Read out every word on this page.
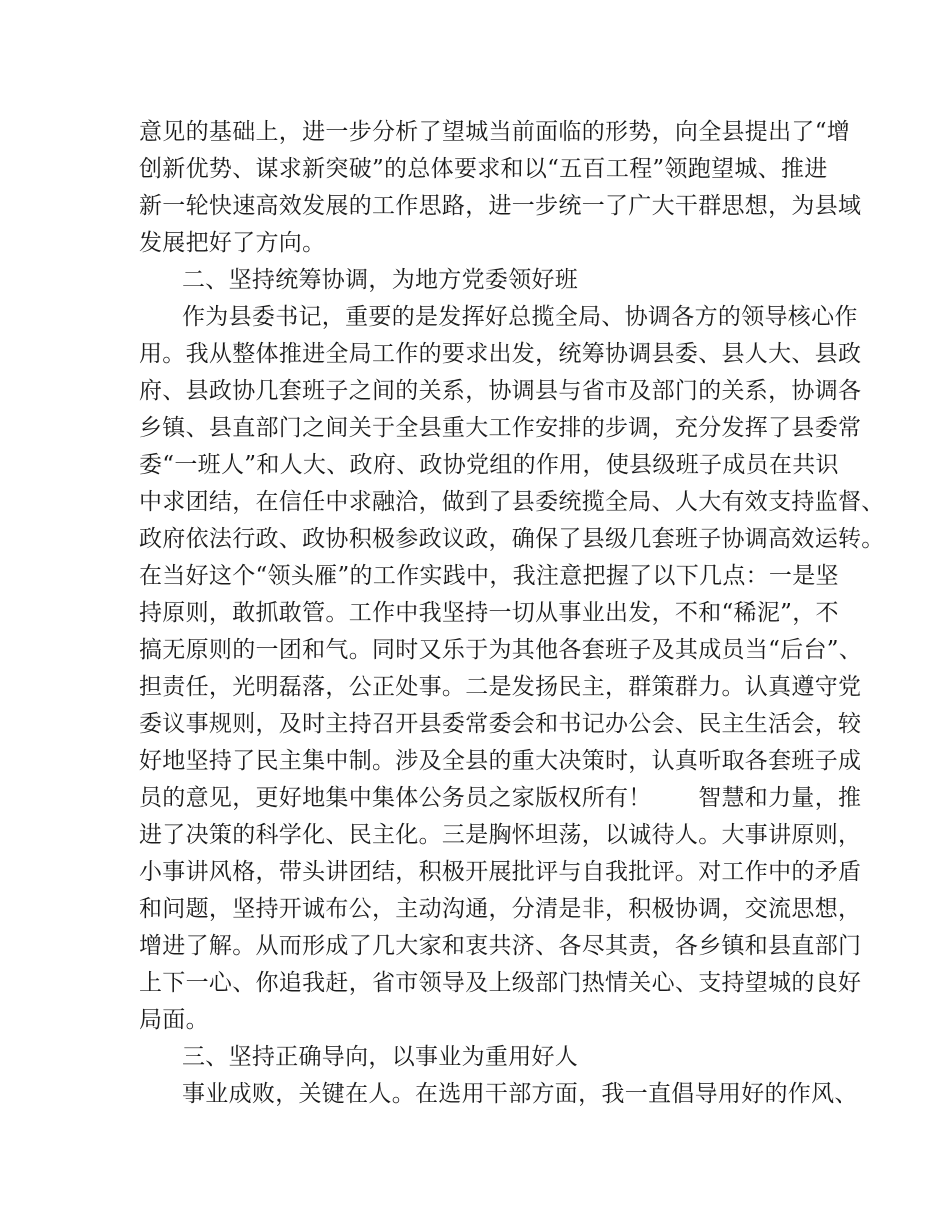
意见的基础上，进一步分析了望城当前面临的形势，向全县提出了“增
创新优势、谋求新突破”的总体要求和以“五百工程”领跑望城、推进
新一轮快速高效发展的工作思路，进一步统一了广大干群思想，为县域
发展把好了方向。
二、坚持统筹协调，为地方党委领好班
作为县委书记，重要的是发挥好总揽全局、协调各方的领导核心作
用。我从整体推进全局工作的要求出发，统筹协调县委、县人大、县政
府、县政协几套班子之间的关系，协调县与省市及部门的关系，协调各
乡镇、县直部门之间关于全县重大工作安排的步调，充分发挥了县委常
委“一班人”和人大、政府、政协党组的作用，使县级班子成员在共识
中求团结，在信任中求融洽，做到了县委统揽全局、人大有效支持监督、
政府依法行政、政协积极参政议政，确保了县级几套班子协调高效运转。
在当好这个“领头雁”的工作实践中，我注意把握了以下几点：一是坚
持原则，敢抓敢管。工作中我坚持一切从事业出发，不和“稀泥”，不
搞无原则的一团和气。同时又乐于为其他各套班子及其成员当“后台”、
担责任，光明磊落，公正处事。二是发扬民主，群策群力。认真遵守党
委议事规则，及时主持召开县委常委会和书记办公会、民主生活会，较
好地坚持了民主集中制。涉及全县的重大决策时，认真听取各套班子成
员的意见，更好地集中集体公务员之家版权所有！　　智慧和力量，推
进了决策的科学化、民主化。三是胸怀坦荡，以诚待人。大事讲原则，
小事讲风格，带头讲团结，积极开展批评与自我批评。对工作中的矛盾
和问题，坚持开诚布公，主动沟通，分清是非，积极协调，交流思想，
增进了解。从而形成了几大家和衷共济、各尽其责，各乡镇和县直部门
上下一心、你追我赶，省市领导及上级部门热情关心、支持望城的良好
局面。
三、坚持正确导向，以事业为重用好人
事业成败，关键在人。在选用干部方面，我一直倡导用好的作风、
